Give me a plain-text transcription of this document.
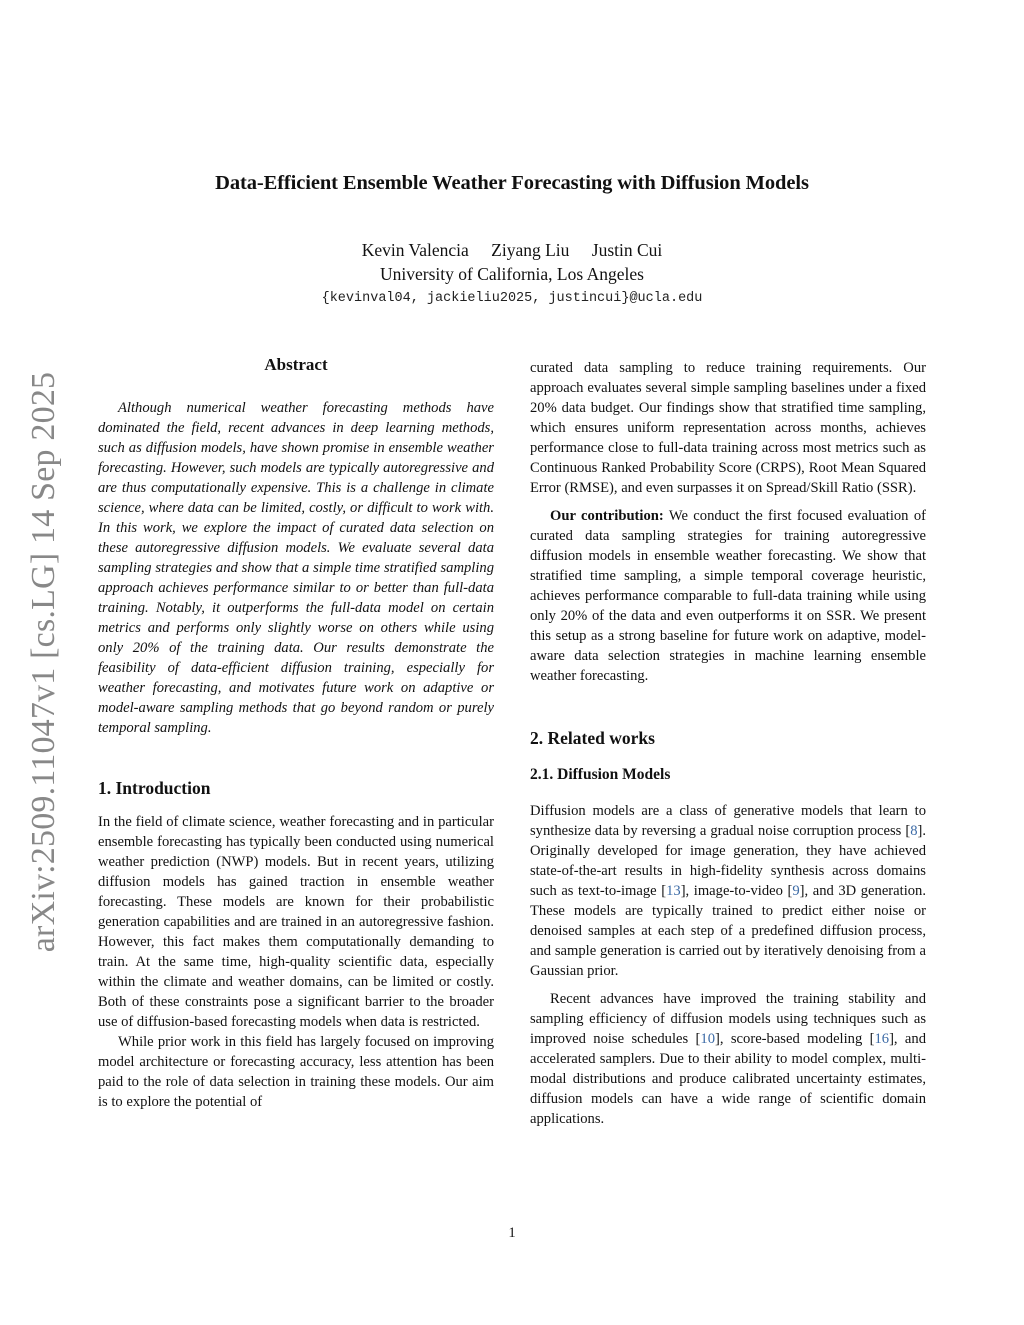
arXiv:2509.11047v1 [cs.LG] 14 Sep 2025
Data-Efficient Ensemble Weather Forecasting with Diffusion Models
Kevin Valencia Ziyang Liu Justin Cui
University of California, Los Angeles
{kevinval04, jackieliu2025, justincui}@ucla.edu
Abstract

Although numerical weather forecasting methods have dominated the field, recent advances in deep learning methods, such as diffusion models, have shown promise in ensemble weather forecasting. However, such models are typically autoregressive and are thus computationally expensive. This is a challenge in climate science, where data can be limited, costly, or difficult to work with. In this work, we explore the impact of curated data selection on these autoregressive diffusion models. We evaluate several data sampling strategies and show that a simple time stratified sampling approach achieves performance similar to or better than full-data training. Notably, it outperforms the full-data model on certain metrics and performs only slightly worse on others while using only 20% of the training data. Our results demonstrate the feasibility of data-efficient diffusion training, especially for weather forecasting, and motivates future work on adaptive or model-aware sampling methods that go beyond random or purely temporal sampling.

1. Introduction

In the field of climate science, weather forecasting and in particular ensemble forecasting has typically been conducted using numerical weather prediction (NWP) models. But in recent years, utilizing diffusion models has gained traction in ensemble weather forecasting. These models are known for their probabilistic generation capabilities and are trained in an autoregressive fashion. However, this fact makes them computationally demanding to train. At the same time, high-quality scientific data, especially within the climate and weather domains, can be limited or costly. Both of these constraints pose a significant barrier to the broader use of diffusion-based forecasting models when data is restricted.

While prior work in this field has largely focused on improving model architecture or forecasting accuracy, less attention has been paid to the role of data selection in training these models. Our aim is to explore the potential of

curated data sampling to reduce training requirements. Our approach evaluates several simple sampling baselines under a fixed 20% data budget. Our findings show that stratified time sampling, which ensures uniform representation across months, achieves performance close to full-data training across most metrics such as Continuous Ranked Probability Score (CRPS), Root Mean Squared Error (RMSE), and even surpasses it on Spread/Skill Ratio (SSR).

Our contribution: We conduct the first focused evaluation of curated data sampling strategies for training autoregressive diffusion models in ensemble weather forecasting. We show that stratified time sampling, a simple temporal coverage heuristic, achieves performance comparable to full-data training while using only 20% of the data and even outperforms it on SSR. We present this setup as a strong baseline for future work on adaptive, model-aware data selection strategies in machine learning ensemble weather forecasting.

2. Related works
2.1. Diffusion Models

Diffusion models are a class of generative models that learn to synthesize data by reversing a gradual noise corruption process [8]. Originally developed for image generation, they have achieved state-of-the-art results in high-fidelity synthesis across domains such as text-to-image [13], image-to-video [9], and 3D generation. These models are typically trained to predict either noise or denoised samples at each step of a predefined diffusion process, and sample generation is carried out by iteratively denoising from a Gaussian prior.

Recent advances have improved the training stability and sampling efficiency of diffusion models using techniques such as improved noise schedules [10], score-based modeling [16], and accelerated samplers. Due to their ability to model complex, multi-modal distributions and produce calibrated uncertainty estimates, diffusion models can have a wide range of scientific domain applications.

1
